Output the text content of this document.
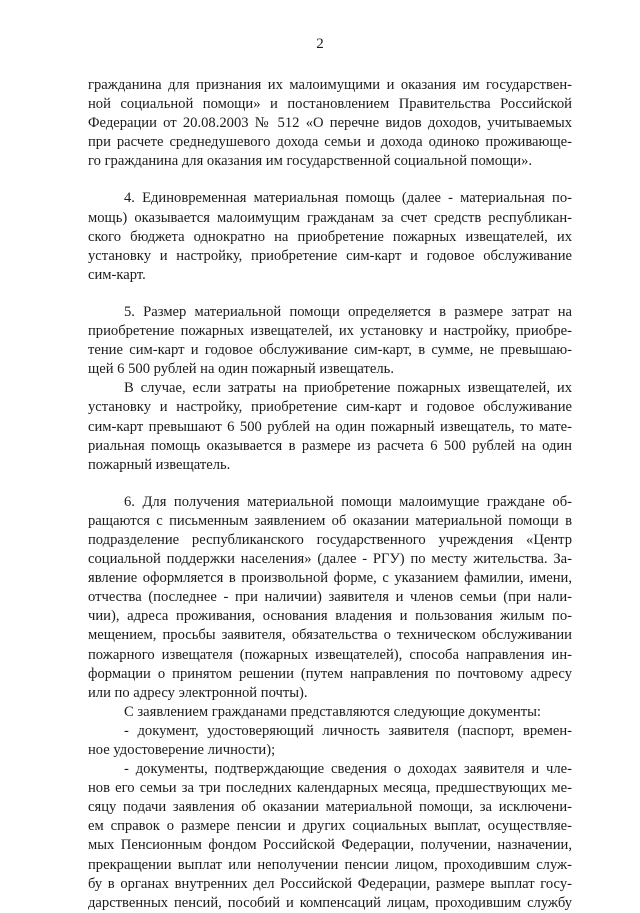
2
гражданина для признания их малоимущими и оказания им государствен-
ной социальной помощи» и постановлением Правительства Российской
Федерации от 20.08.2003 № 512 «О перечне видов доходов, учитываемых
при расчете среднедушевого дохода семьи и дохода одиноко проживающе-
го гражданина для оказания им государственной социальной помощи».
4. Единовременная материальная помощь (далее - материальная по-
мощь) оказывается малоимущим гражданам за счет средств республикан-
ского бюджета однократно на приобретение пожарных извещателей, их
установку и настройку, приобретение сим-карт и годовое обслуживание
сим-карт.
5. Размер материальной помощи определяется в размере затрат на
приобретение пожарных извещателей, их установку и настройку, приобре-
тение сим-карт и годовое обслуживание сим-карт, в сумме, не превышаю-
щей 6 500 рублей на один пожарный извещатель.
В случае, если затраты на приобретение пожарных извещателей, их
установку и настройку, приобретение сим-карт и годовое обслуживание
сим-карт превышают 6 500 рублей на один пожарный извещатель, то мате-
риальная помощь оказывается в размере из расчета 6 500 рублей на один
пожарный извещатель.
6. Для получения материальной помощи малоимущие граждане об-
ращаются с письменным заявлением об оказании материальной помощи в
подразделение республиканского государственного учреждения «Центр
социальной поддержки населения» (далее - РГУ) по месту жительства. За-
явление оформляется в произвольной форме, с указанием фамилии, имени,
отчества (последнее - при наличии) заявителя и членов семьи (при нали-
чии), адреса проживания, основания владения и пользования жилым по-
мещением, просьбы заявителя, обязательства о техническом обслуживании
пожарного извещателя (пожарных извещателей), способа направления ин-
формации о принятом решении (путем направления по почтовому адресу
или по адресу электронной почты).
С заявлением гражданами представляются следующие документы:
- документ, удостоверяющий личность заявителя (паспорт, времен-
ное удостоверение личности);
- документы, подтверждающие сведения о доходах заявителя и чле-
нов его семьи за три последних календарных месяца, предшествующих ме-
сяцу подачи заявления об оказании материальной помощи, за исключени-
ем справок о размере пенсии и других социальных выплат, осуществляе-
мых Пенсионным фондом Российской Федерации, получении, назначении,
прекращении выплат или неполучении пенсии лицом, проходившим служ-
бу в органах внутренних дел Российской Федерации, размере выплат госу-
дарственных пенсий, пособий и компенсаций лицам, проходившим службу
